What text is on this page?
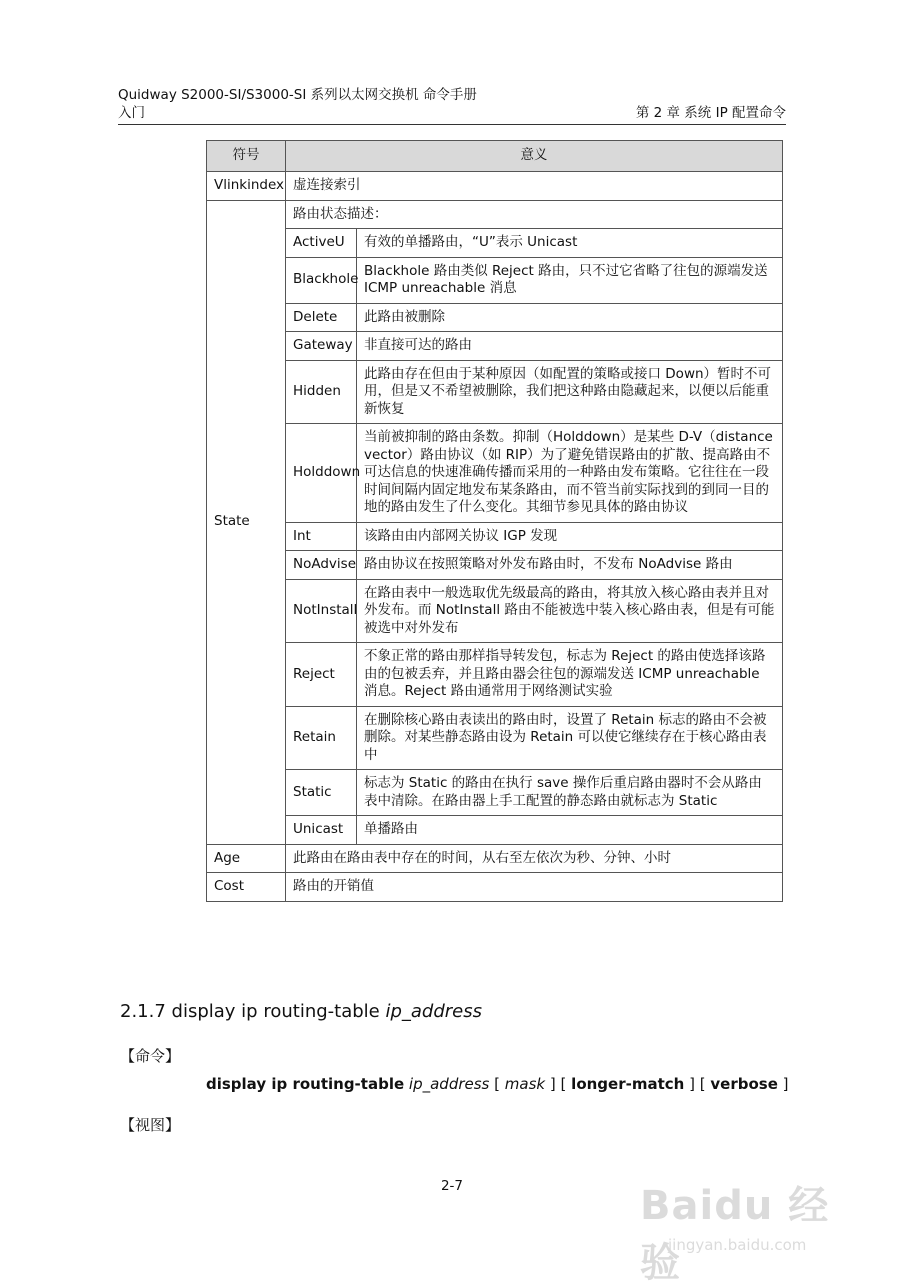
Quidway S2000-SI/S3000-SI 系列以太网交换机 命令手册
入门	第 2 章 系统 IP 配置命令
符号	意义	
Vlinkindex	虚连接索引	
State	路由状态描述：	
	ActiveU	有效的单播路由，“U”表示 Unicast
	Blackhole	Blackhole 路由类似 Reject 路由，只不过它省略了往包的源端发送 ICMP unreachable 消息
	Delete	此路由被删除
	Gateway	非直接可达的路由
	Hidden	此路由存在但由于某种原因（如配置的策略或接口 Down）暂时不可用，但是又不希望被删除，我们把这种路由隐藏起来，以便以后能重新恢复
	Holddown	当前被抑制的路由条数。抑制（Holddown）是某些 D-V（distance vector）路由协议（如 RIP）为了避免错误路由的扩散、提高路由不可达信息的快速准确传播而采用的一种路由发布策略。它往往在一段时间间隔内固定地发布某条路由，而不管当前实际找到的到同一目的地的路由发生了什么变化。其细节参见具体的路由协议
	Int	该路由由内部网关协议 IGP 发现
	NoAdvise	路由协议在按照策略对外发布路由时，不发布 NoAdvise 路由
	NotInstall	在路由表中一般选取优先级最高的路由，将其放入核心路由表并且对外发布。而 NotInstall 路由不能被选中装入核心路由表，但是有可能被选中对外发布
	Reject	不象正常的路由那样指导转发包，标志为 Reject 的路由使选择该路由的包被丢弃，并且路由器会往包的源端发送 ICMP unreachable 消息。Reject 路由通常用于网络测试实验
	Retain	在删除核心路由表读出的路由时，设置了 Retain 标志的路由不会被删除。对某些静态路由设为 Retain 可以使它继续存在于核心路由表中
	Static	标志为 Static 的路由在执行 save 操作后重启路由器时不会从路由表中清除。在路由器上手工配置的静态路由就标志为 Static
	Unicast	单播路由
Age	此路由在路由表中存在的时间，从右至左依次为秒、分钟、小时	
Cost	路由的开销值	
2.1.7 display ip routing-table ip_address
【命令】
display ip routing-table ip_address [ mask ] [ longer-match ] [ verbose ]
【视图】
2-7	Baidu 经验
jingyan.baidu.com
